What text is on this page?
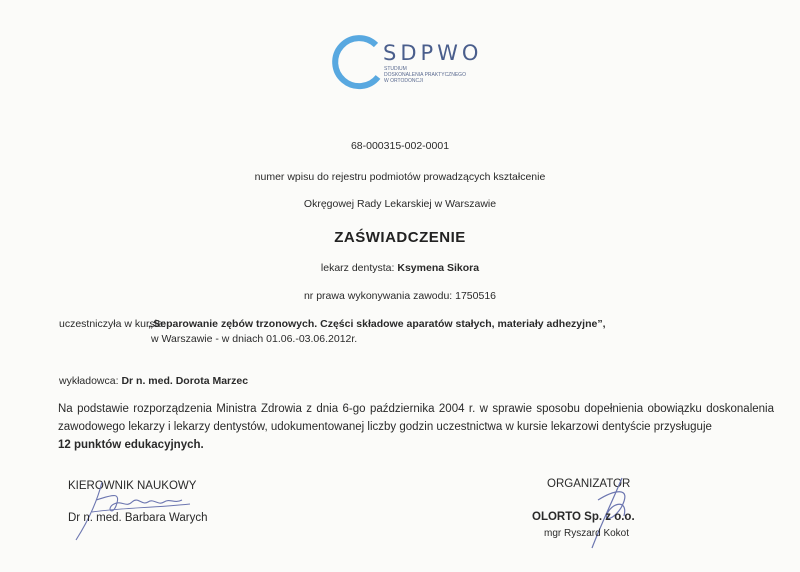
SDPWO
STUDIUM
DOSKONALENIA PRAKTYCZNEGO
W ORTODONCJI
68-000315-002-0001
numer wpisu do rejestru podmiotów prowadzących kształcenie
Okręgowej Rady Lekarskiej w Warszawie
ZAŚWIADCZENIE
lekarz dentysta: Ksymena Sikora
nr prawa wykonywania zawodu: 1750516
uczestniczyła w kursie:
„Separowanie zębów trzonowych. Części składowe aparatów stałych, materiały adhezyjne”,
w Warszawie - w dniach 01.06.-03.06.2012r.
wykładowca: Dr n. med. Dorota Marzec
Na podstawie rozporządzenia Ministra Zdrowia z dnia 6-go października 2004 r. w sprawie sposobu dopełnienia obowiązku doskonalenia zawodowego lekarzy i lekarzy dentystów, udokumentowanej liczby godzin uczestnictwa w kursie lekarzowi dentyście przysługuje
12 punktów edukacyjnych.
KIEROWNIK NAUKOWY
Dr n. med. Barbara Warych
ORGANIZATOR
OLORTO Sp. z o.o.
mgr Ryszard Kokot
